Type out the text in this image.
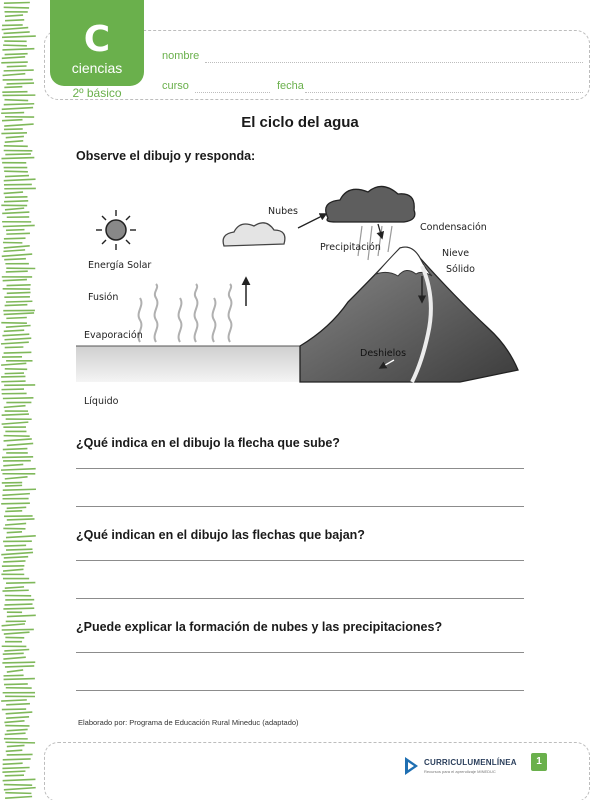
C
ciencias
2º básico
nombre
curso	fecha
El ciclo del agua
Observe el dibujo y responda:
Energía Solar
Fusión
Evaporación
Líquido
Nubes
Precipitación
Condensación
Nieve
Sólido
Deshielos
¿Qué indica en el dibujo la flecha que sube?
¿Qué indican en el dibujo las flechas que bajan?
¿Puede explicar la formación de nubes y las precipitaciones?
Elaborado por: Programa de Educación Rural Mineduc (adaptado)
CURRICULUMENLÍNEA
Recursos para el aprendizaje MINEDUC
1
